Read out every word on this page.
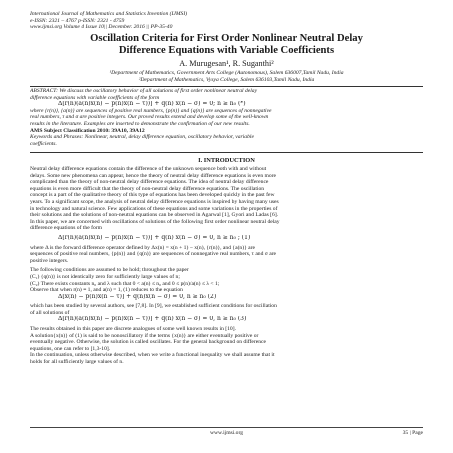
International Journal of Mathematics and Statistics Invention (IJMSI)
e-ISSN: 2321 – 4767 p-ISSN: 2321 - 4759
www.ijmsi.org Volume 4 Issue 10|| December. 2016 || PP-35-40
Oscillation Criteria for First Order Nonlinear Neutral Delay
Difference Equations with Variable Coefficients
A. Murugesan¹, R. Suganthi²
¹Department of Mathematics, Government Arts College (Autonomous), Salem 636007,Tamil Nadu, India
²Department of Mathematics, Vysya College, Salem 636103,Tamil Nadu, India
ABSTRACT: We discuss the oscillatory behavior of all solutions of first order nonlinear neutral delay
difference equations with variable coefficients of the form
Δ[r(n)(a(n)x(n) − p(n)x(n − τ))] + q(n) x(n − σ) = 0; n ≥ n₀ (*)
where {r(n)}, {a(n)} are sequences of positive real numbers, {p(n)} and {q(n)} are sequences of nonnegative
real numbers, τ and σ are positive integers. Our proved results extend and develop some of the well-known
results in the literature. Examples are inserted to demonstrate the confirmation of our new results.
AMS Subject Classification 2010: 39A10, 39A12
Keywords and Phrases: Nonlinear, neutral, delay difference equation, oscillatory behavior, variable
coefficients.
I. INTRODUCTION
Neutral delay difference equations contain the difference of the unknown sequence both with and without
delays. Some new phenomena can appear, hence the theory of neutral delay difference equations is even more
complicated than the theory of non-neutral delay difference equations. The idea of neutral delay difference
equations is even more difficult that the theory of non-neutral delay difference equations. The oscillation
concept is a part of the qualitative theory of this type of equations has been developed quickly in the past few
years. To a significant scope, the analysis of neutral delay difference equations is inspired by having many uses
in technology and natural science. Few applications of these equations and some variations in the properties of
their solutions and the solutions of non-neutral equations can be observed in Agarwal [1], Gyori and Ladas [6].
In this paper, we are concerned with oscillations of solutions of the following first order nonlinear neutral delay
difference equations of the form
Δ[r(n)(a(n)x(n) − p(n)x(n − τ))] + q(n) x(n − σ) = 0, n ≥ n₀ ; (1)
where Δ is the forward difference operator defined by Δx(n) = x(n + 1) − x(n), {r(n)}, and {a(n)} are
sequences of positive real numbers, {p(n)} and {q(n)} are sequences of nonnegative real numbers, τ and σ are
positive integers.
The following conditions are assumed to be hold; throughout the paper
(C₁) {q(n)} is not identically zero for sufficiently large values of n;
(C₂) There exists constants n₀ and λ such that 0 < a(n) ≤ n₀ and 0 ≤ p(n)/a(n) ≤ λ < 1;
Observe that when r(n) ≡ 1, and a(n) = 1, (1) reduces to the equation
Δ[x(n) − p(n)x(n − τ)] + q(n)x(n − σ) = 0, n ≥ n₀ (2)
which has been studied by several authors, see [7,8]. In [9], we established sufficient conditions for oscillation
of all solutions of
Δ[r(n)(a(n)x(n) − p(n)x(n − τ))] + q(n) x(n − σ) = 0, n ≥ n₀ (3)
The results obtained in this paper are discrete analogues of some well known results in [10].
A solution{x(n)} of (1) is said to be nonoscillatory if the terms {x(n)} are either eventually positive or
eventually negative. Otherwise, the solution is called oscillates. For the general background on difference
equations, one can refer to [1,3-10].
In the continuation, unless otherwise described, when we write a functional inequality we shall assume that it
holds for all sufficiently large values of n.
www.ijmsi.org	35 | Page
